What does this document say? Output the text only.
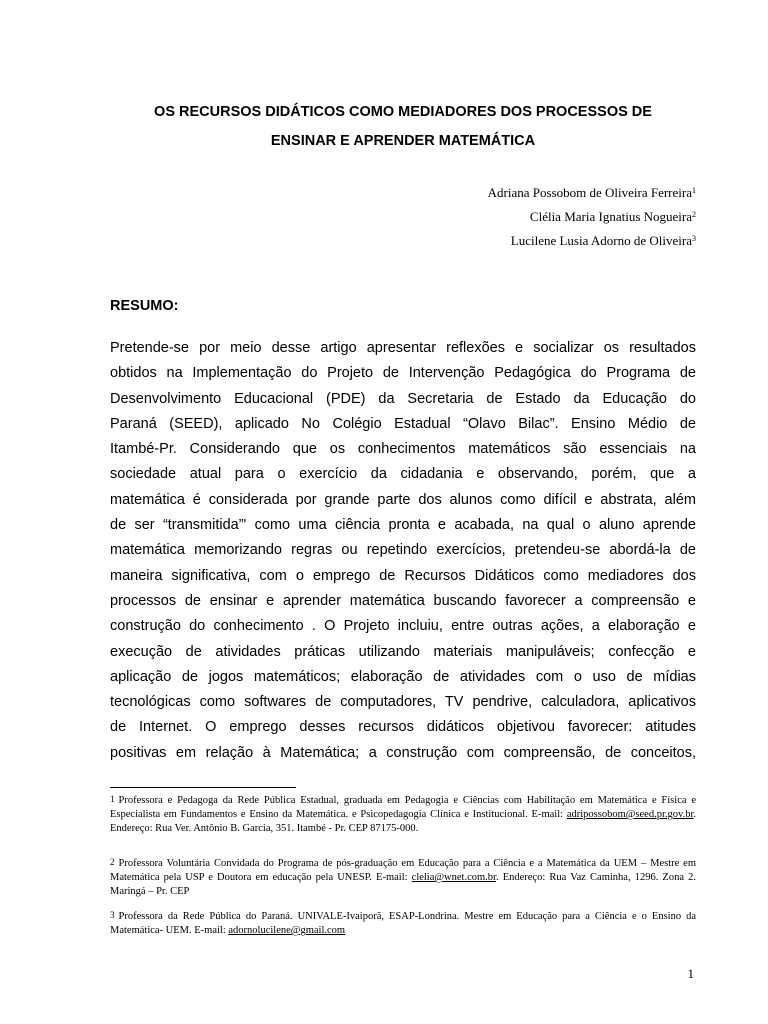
OS RECURSOS DIDÁTICOS COMO MEDIADORES DOS PROCESSOS DE
ENSINAR E APRENDER MATEMÁTICA
Adriana Possobom de Oliveira Ferreira$^1$
Clélia Maria Ignatius Nogueira$^2$
Lucilene Lusia Adorno de Oliveira$^3$
RESUMO:
Pretende-se por meio desse artigo apresentar reflexões e socializar os resultados
obtidos na Implementação do Projeto de Intervenção Pedagógica do Programa de
Desenvolvimento Educacional (PDE) da Secretaria de Estado da Educação do
Paraná (SEED), aplicado No Colégio Estadual “Olavo Bilac”. Ensino Médio de
Itambé-Pr. Considerando que os conhecimentos matemáticos são essenciais na
sociedade atual para o exercício da cidadania e observando, porém, que a
matemática é considerada por grande parte dos alunos como difícil e abstrata, além
de ser “transmitida”' como uma ciência pronta e acabada, na qual o aluno aprende
matemática memorizando regras ou repetindo exercícios, pretendeu-se abordá-la de
maneira significativa, com o emprego de Recursos Didáticos como mediadores dos
processos de ensinar e aprender matemática buscando favorecer a compreensão e
construção do conhecimento . O Projeto incluiu, entre outras ações, a elaboração e
execução de atividades práticas utilizando materiais manipuláveis; confecção e
aplicação de jogos matemáticos; elaboração de atividades com o uso de mídias
tecnológicas como softwares de computadores, TV pendrive, calculadora, aplicativos
de Internet. O emprego desses recursos didáticos objetivou favorecer: atitudes
positivas em relação à Matemática; a construção com compreensão, de conceitos,
1 Professora e Pedagoga da Rede Pública Estadual, graduada em Pedagogia e Ciências com Habilitação em Matemática e Física e Especialista em Fundamentos e Ensino da Matemática. e Psicopedagogia Clínica e Institucional. E-mail: adripossobom@seed.pr.gov.br. Endereço: Rua Ver. Antônio B. Garcia, 351. Itambé - Pr. CEP 87175-000.
2 Professora Voluntária Convidada do Programa de pós-graduação em Educação para a Ciência e a Matemática da UEM – Mestre em Matemática pela USP e Doutora em educação pela UNESP. E-mail: clelia@wnet.com.br. Endereço: Rua Vaz Caminha, 1296. Zona 2. Maringá – Pr. CEP
3 Professora da Rede Pública do Paraná. UNIVALE-Ivaiporã, ESAP-Londrina. Mestre em Educação para a Ciência e o Ensino da Matemática- UEM. E-mail: adornolucilene@gmail.com
1
